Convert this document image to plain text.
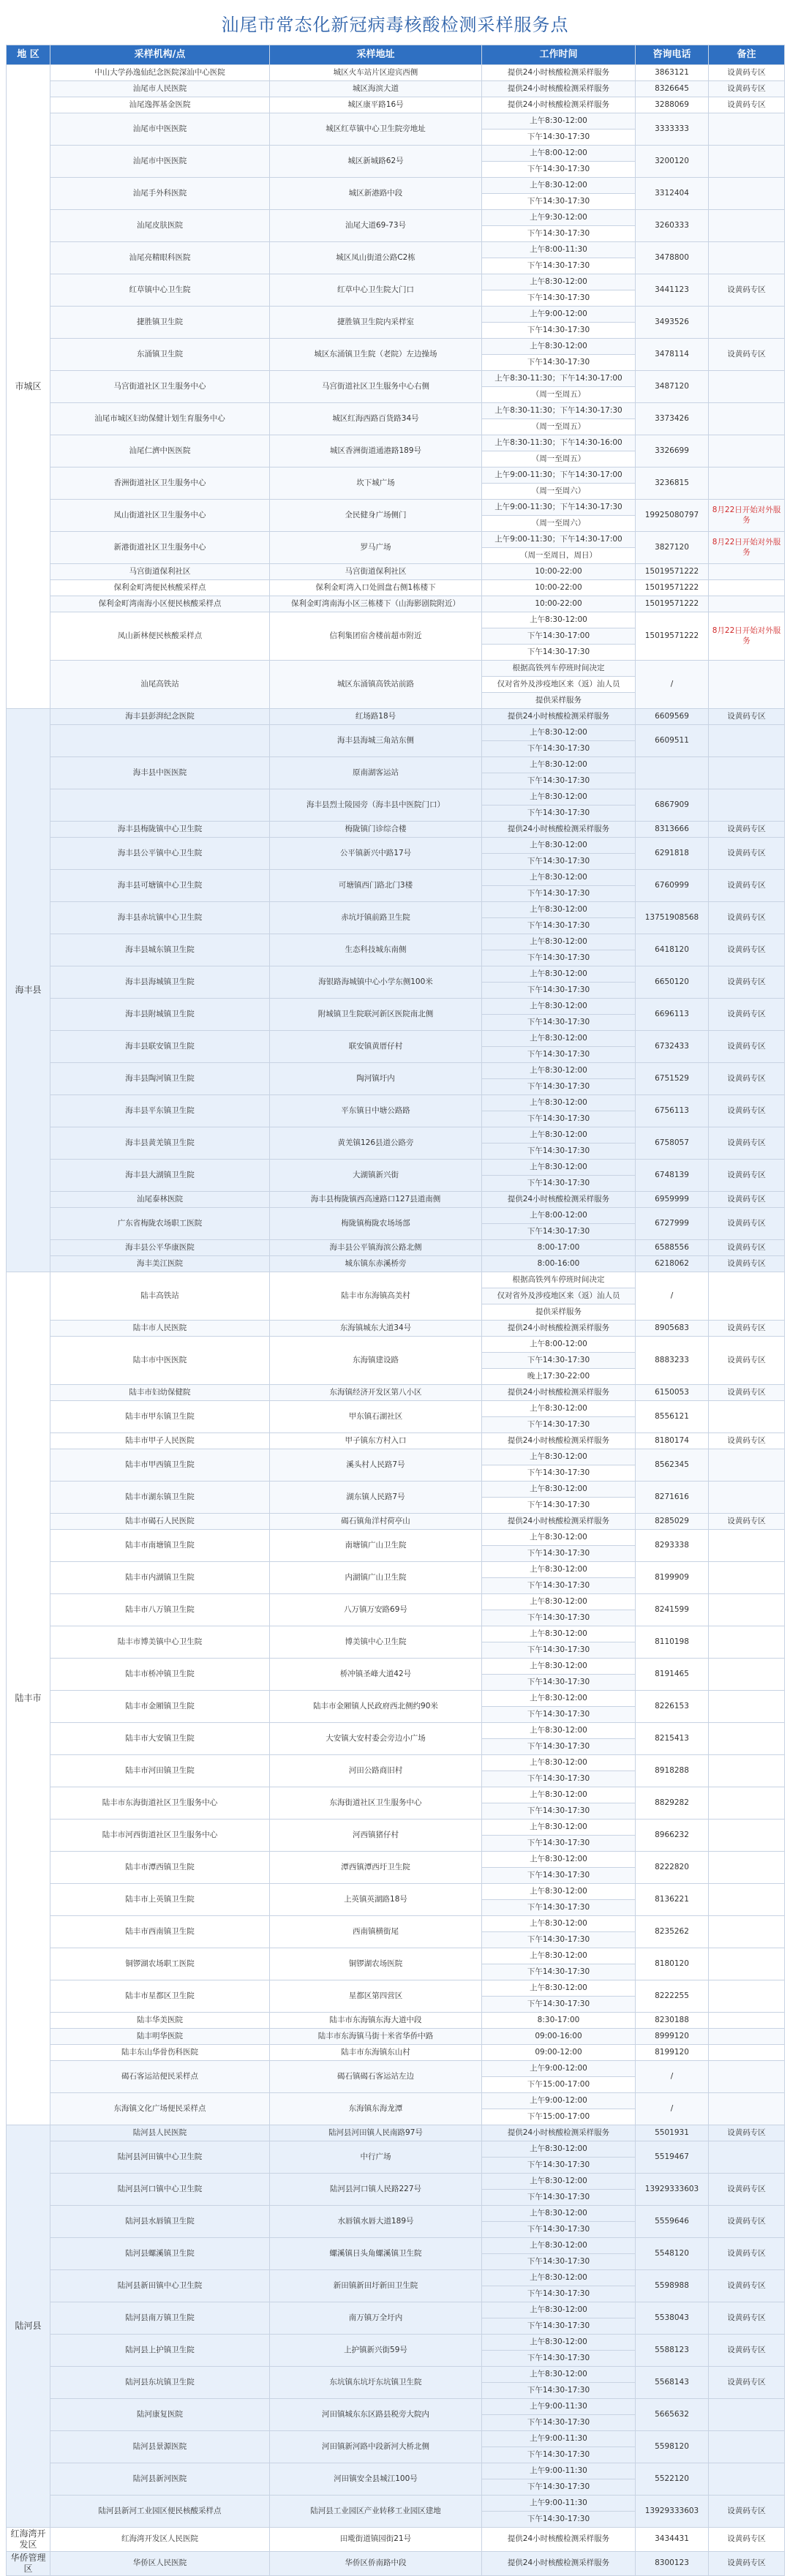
汕尾市常态化新冠病毒核酸检测采样服务点
地 区	采样机构/点	采样地址	工作时间	咨询电话	备注
市城区	中山大学孙逸仙纪念医院深汕中心医院	城区火车站片区迎宾西侧	提供24小时核酸检测采样服务	3863121	设黄码专区
	汕尾市人民医院	城区海滨大道	提供24小时核酸检测采样服务	8326645	设黄码专区
	汕尾逸挥基金医院	城区康平路16号	提供24小时核酸检测采样服务	3288069	设黄码专区
	汕尾市中医医院	城区红草镇中心卫生院旁地址	上午8:30-12:00	3333333	
			下午14:30-17:30		
	汕尾市中医医院	城区新城路62号	上午8:00-12:00	3200120	
			下午14:30-17:30		
	汕尾手外科医院	城区新港路中段	上午8:30-12:00	3312404	
			下午14:30-17:30		
	汕尾皮肤医院	汕尾大道69-73号	上午9:30-12:00	3260333	
			下午14:30-17:30		
	汕尾亮精眼科医院	城区凤山街道公路C2栋	上午8:00-11:30	3478800	
			下午14:30-17:30		
	红草镇中心卫生院	红草中心卫生院大门口	上午8:30-12:00	3441123	设黄码专区
			下午14:30-17:30		
	捷胜镇卫生院	捷胜镇卫生院内采样室	上午9:00-12:00	3493526	
			下午14:30-17:30		
	东涌镇卫生院	城区东涌镇卫生院（老院）左边操场	上午8:30-12:00	3478114	设黄码专区
			下午14:30-17:30		
	马宫街道社区卫生服务中心	马宫街道社区卫生服务中心右侧	上午8:30-11:30；下午14:30-17:00	3487120	
			（周一至周五）		
	汕尾市城区妇幼保健计划生育服务中心	城区红海西路百货路34号	上午8:30-11:30；下午14:30-17:30	3373426	
			（周一至周五）		
	汕尾仁濟中医医院	城区香洲街道通港路189号	上午8:30-11:30；下午14:30-16:00	3326699	
			（周一至周五）		
	香洲街道社区卫生服务中心	坎下城广场	上午9:00-11:30；下午14:30-17:00	3236815	
			（周一至周六）		
	凤山街道社区卫生服务中心	全民健身广场侧门	上午9:00-11:30；下午14:30-17:30	19925080797	8月22日开始对外服务
			（周一至周六）		
	新港街道社区卫生服务中心	罗马广场	上午9:00-11:30；下午14:30-17:00	3827120	8月22日开始对外服务
			（周一至周日，周日）		
	马宫街道保利社区	马宫街道保利社区	10:00-22:00	15019571222	
	保利金町湾便民核酸采样点	保利金町湾入口处圆盘右侧1栋楼下	10:00-22:00	15019571222	
	保利金町湾南海小区便民核酸采样点	保利金町湾南海小区三栋楼下（山海影剧院附近）	10:00-22:00	15019571222	
	凤山新林便民核酸采样点	信利集团宿舍楼前超市附近	上午8:30-12:00	15019571222	8月22日开始对外服务
			下午14:30-17:00		
			下午14:30-17:30		
	汕尾高铁站	城区东涌镇高铁站前路	根据高铁列车停班时间决定	/	
			仅对省外及涉疫地区来（返）汕人员		
			提供采样服务		
海丰县	海丰县彭湃纪念医院	红场路18号	提供24小时核酸检测采样服务	6609569	设黄码专区
		海丰县海城三角站东侧	上午8:30-12:00	6609511	
			下午14:30-17:30		
	海丰县中医医院	原南湖客运站	上午8:30-12:00		
			下午14:30-17:30		
		海丰县烈士陵园旁（海丰县中医院门口）	上午8:30-12:00	6867909	
			下午14:30-17:30		
	海丰县梅陇镇中心卫生院	梅陇镇门诊综合楼	提供24小时核酸检测采样服务	8313666	设黄码专区
	海丰县公平镇中心卫生院	公平镇新兴中路17号	上午8:30-12:00	6291818	设黄码专区
			下午14:30-17:30		
	海丰县可塘镇中心卫生院	可塘镇西门路北门3楼	上午8:30-12:00	6760999	设黄码专区
			下午14:30-17:30		
	海丰县赤坑镇中心卫生院	赤坑圩镇前路卫生院	上午8:30-12:00	13751908568	设黄码专区
			下午14:30-17:30		
	海丰县城东镇卫生院	生态科技城东南侧	上午8:30-12:00	6418120	设黄码专区
			下午14:30-17:30		
	海丰县海城镇卫生院	海银路海城镇中心小学东侧100米	上午8:30-12:00	6650120	设黄码专区
			下午14:30-17:30		
	海丰县附城镇卫生院	附城镇卫生院联河新区医院南北侧	上午8:30-12:00	6696113	设黄码专区
			下午14:30-17:30		
	海丰县联安镇卫生院	联安镇黄厝仔村	上午8:30-12:00	6732433	设黄码专区
			下午14:30-17:30		
	海丰县陶河镇卫生院	陶河镇圩内	上午8:30-12:00	6751529	设黄码专区
			下午14:30-17:30		
	海丰县平东镇卫生院	平东镇日中塘公路路	上午8:30-12:00	6756113	设黄码专区
			下午14:30-17:30		
	海丰县黄羌镇卫生院	黄羌镇126县道公路旁	上午8:30-12:00	6758057	设黄码专区
			下午14:30-17:30		
	海丰县大湖镇卫生院	大湖镇新兴街	上午8:30-12:00	6748139	设黄码专区
			下午14:30-17:30		
	汕尾泰林医院	海丰县梅陇镇西高速路口127县道南侧	提供24小时核酸检测采样服务	6959999	设黄码专区
	广东省梅陇农场职工医院	梅陇镇梅陇农场场部	上午8:00-12:00	6727999	设黄码专区
			下午14:30-17:30		
	海丰县公平华康医院	海丰县公平镇海滨公路北侧	8:00-17:00	6588556	设黄码专区
	海丰美江医院	城东镇东赤溪桥旁	8:00-16:00	6218062	设黄码专区
陆丰市	陆丰高铁站	陆丰市东海镇高美村	根据高铁列车停班时间决定	/	
			仅对省外及涉疫地区来（返）汕人员		
			提供采样服务		
	陆丰市人民医院	东海镇城东大道34号	提供24小时核酸检测采样服务	8905683	设黄码专区
	陆丰市中医医院	东海镇建设路	上午8:00-12:00	8883233	设黄码专区
			下午14:30-17:30		
			晚上17:30-22:00		
	陆丰市妇幼保健院	东海镇经济开发区第八小区	提供24小时核酸检测采样服务	6150053	设黄码专区
	陆丰市甲东镇卫生院	甲东镇石湖社区	上午8:30-12:00	8556121	
			下午14:30-17:30		
	陆丰市甲子人民医院	甲子镇东方村入口	提供24小时核酸检测采样服务	8180174	设黄码专区
	陆丰市甲西镇卫生院	溪头村人民路7号	上午8:30-12:00	8562345	
			下午14:30-17:30		
	陆丰市湖东镇卫生院	湖东镇人民路7号	上午8:30-12:00	8271616	
			下午14:30-17:30		
	陆丰市碣石人民医院	碣石镇角洋村荷亭山	提供24小时核酸检测采样服务	8285029	设黄码专区
	陆丰市南塘镇卫生院	南塘镇广山卫生院	上午8:30-12:00	8293338	
			下午14:30-17:30		
	陆丰市内湖镇卫生院	内湖镇广山卫生院	上午8:30-12:00	8199909	
			下午14:30-17:30		
	陆丰市八万镇卫生院	八万镇万安路69号	上午8:30-12:00	8241599	
			下午14:30-17:30		
	陆丰市博美镇中心卫生院	博美镇中心卫生院	上午8:30-12:00	8110198	
			下午14:30-17:30		
	陆丰市桥冲镇卫生院	桥冲镇圣峰大道42号	上午8:30-12:00	8191465	
			下午14:30-17:30		
	陆丰市金厢镇卫生院	陆丰市金厢镇人民政府西北侧约90米	上午8:30-12:00	8226153	
			下午14:30-17:30		
	陆丰市大安镇卫生院	大安镇大安村委会旁边小广场	上午8:30-12:00	8215413	
			下午14:30-17:30		
	陆丰市河田镇卫生院	河田公路商旧村	上午8:30-12:00	8918288	
			下午14:30-17:30		
	陆丰市东海街道社区卫生服务中心	东海街道社区卫生服务中心	上午8:30-12:00	8829282	
			下午14:30-17:30		
	陆丰市河西街道社区卫生服务中心	河西镇猪仔村	上午8:30-12:00	8966232	
			下午14:30-17:30		
	陆丰市潭西镇卫生院	潭西镇潭西圩卫生院	上午8:30-12:00	8222820	
			下午14:30-17:30		
	陆丰市上英镇卫生院	上英镇英湖路18号	上午8:30-12:00	8136221	
			下午14:30-17:30		
	陆丰市西南镇卫生院	西南镇横街尾	上午8:30-12:00	8235262	
			下午14:30-17:30		
	铜锣湖农场职工医院	铜锣湖农场医院	上午8:30-12:00	8180120	
			下午14:30-17:30		
	陆丰市星都区卫生院	星都区第四营区	上午8:30-12:00	8222255	
			下午14:30-17:30		
	陆丰华美医院	陆丰市东海镇东海大道中段	8:30-17:00	8230188	
	陆丰明华医院	陆丰市东海镇马街十米省华侨中路	09:00-16:00	8999120	
	陆丰东山华骨伤科医院	陆丰市东海镇东山村	09:00-12:00	8199120	
	碣石客运站便民采样点	碣石镇碣石客运站左边	上午9:00-12:00	/	
			下午15:00-17:00		
	东海镇文化广场便民采样点	东海镇东海龙潭	上午9:00-12:00	/	
			下午15:00-17:00		
陆河县	陆河县人民医院	陆河县河田镇人民南路97号	提供24小时核酸检测采样服务	5501931	设黄码专区
	陆河县河田镇中心卫生院	中行广场	上午8:30-12:00	5519467	
			下午14:30-17:30		
	陆河县河口镇中心卫生院	陆河县河口镇人民路227号	上午8:30-12:00	13929333603	设黄码专区
			下午14:30-17:30		
	陆河县水唇镇卫生院	水唇镇水唇大道189号	上午8:30-12:00	5559646	设黄码专区
			下午14:30-17:30		
	陆河县螺溪镇卫生院	螺溪镇日头角螺溪镇卫生院	上午8:30-12:00	5548120	设黄码专区
			下午14:30-17:30		
	陆河县新田镇中心卫生院	新田镇新田圩新田卫生院	上午8:30-12:00	5598988	设黄码专区
			下午14:30-17:30		
	陆河县南万镇卫生院	南万镇万全圩内	上午8:30-12:00	5538043	设黄码专区
			下午14:30-17:30		
	陆河县上护镇卫生院	上护镇新兴街59号	上午8:30-12:00	5588123	设黄码专区
			下午14:30-17:30		
	陆河县东坑镇卫生院	东坑镇东坑圩东坑镇卫生院	上午8:30-12:00	5568143	设黄码专区
			下午14:30-17:30		
	陆河康复医院	河田镇城东东区路县税旁大院内	上午9:00-11:30	5665632	
			下午14:30-17:30		
	陆河县景源医院	河田镇新河路中段新河大桥北侧	上午9:00-11:30	5598120	
			下午14:30-17:30		
	陆河县新河医院	河田镇安全县城江100号	上午9:00-11:30	5522120	
			下午14:30-17:30		
	陆河县新河工业园区便民核酸采样点	陆河县工业园区产业转移工业园区建地	上午9:00-11:30	13929333603	设黄码专区
			下午14:30-17:30		
红海湾开发区	红海湾开发区人民医院	田墘街道镇园街21号	提供24小时核酸检测采样服务	3434431	设黄码专区
华侨管理区	华侨区人民医院	华侨区侨南路中段	提供24小时核酸检测采样服务	8300123	设黄码专区
